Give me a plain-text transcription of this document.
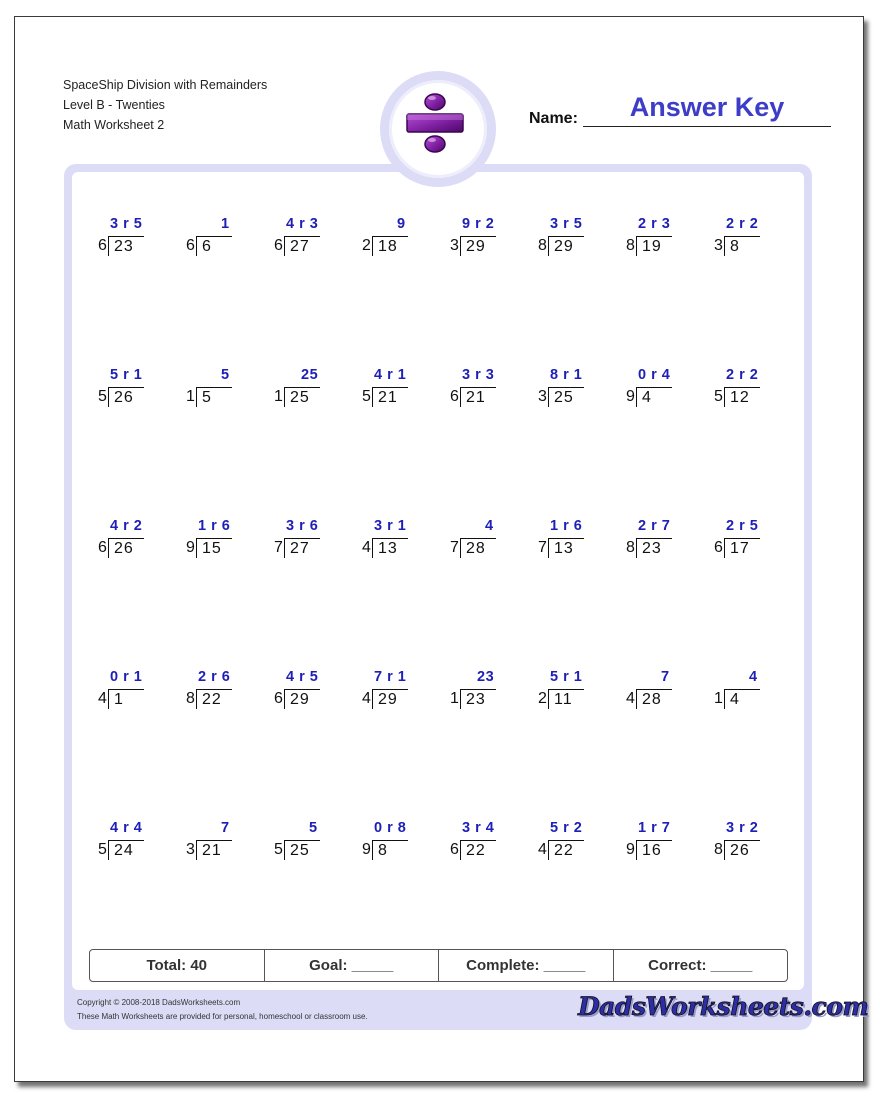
SpaceShip Division with Remainders
Level B - Twenties
Math Worksheet 2	Name:	Answer Key
3 r 5
6 23
1
6 6
4 r 3
6 27
9
2 18
9 r 2
3 29
3 r 5
8 29
2 r 3
8 19
2 r 2
3 8
5 r 1
5 26
5
1 5
25
1 25
4 r 1
5 21
3 r 3
6 21
8 r 1
3 25
0 r 4
9 4
2 r 2
5 12
4 r 2
6 26
1 r 6
9 15
3 r 6
7 27
3 r 1
4 13
4
7 28
1 r 6
7 13
2 r 7
8 23
2 r 5
6 17
0 r 1
4 1
2 r 6
8 22
4 r 5
6 29
7 r 1
4 29
23
1 23
5 r 1
2 11
7
4 28
4
1 4
4 r 4
5 24
7
3 21
5
5 25
0 r 8
9 8
3 r 4
6 22
5 r 2
4 22
1 r 7
9 16
3 r 2
8 26
Total: 40	Goal: _____	Complete: _____	Correct: _____
Copyright © 2008-2018 DadsWorksheets.com
These Math Worksheets are provided for personal, homeschool or classroom use.	DadsWorksheets.com
